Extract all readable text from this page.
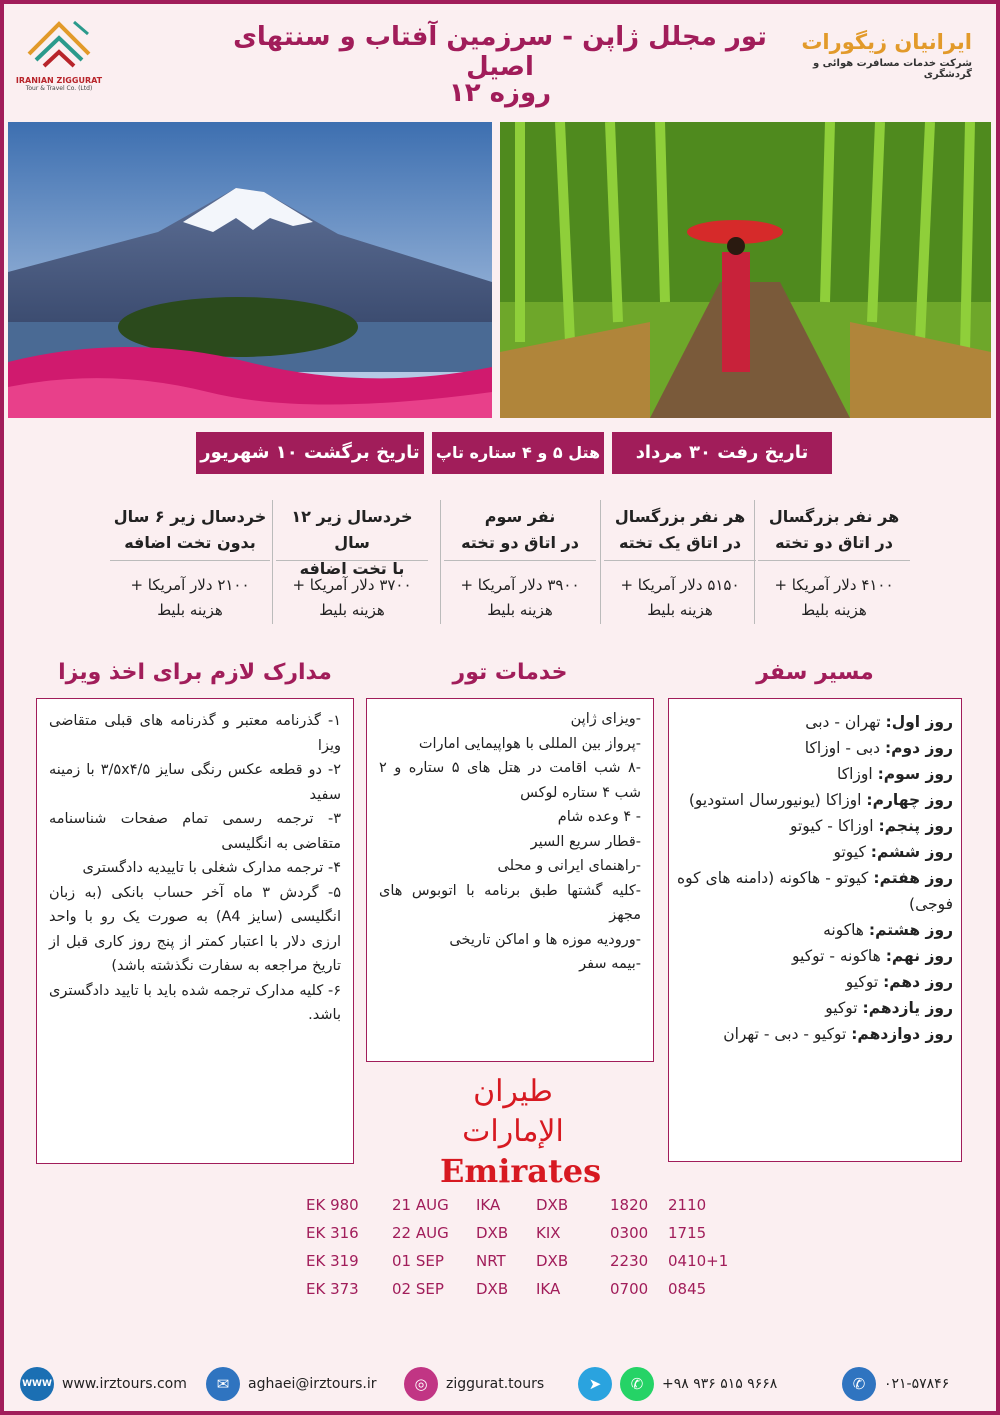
IRANIAN ZIGGURAT
Tour & Travel Co. (Ltd)
تور مجلل ژاپن - سرزمین آفتاب و سنتهای اصیل
روزه ۱۲
ایرانیان زیگورات
شرکت خدمات مسافرت هوائی و گردشگری
تاریخ رفت ۳۰ مرداد
هتل ۵ و ۴ ستاره تاپ
تاریخ برگشت ۱۰ شهریور
هر نفر بزرگسال
در اتاق دو تخته
۴۱۰۰ دلار آمریکا +
هزینه بلیط
هر نفر بزرگسال
در اتاق یک تخته
۵۱۵۰ دلار آمریکا +
هزینه بلیط
نفر سوم
در اتاق دو تخته
۳۹۰۰ دلار آمریکا +
هزینه بلیط
خردسال زیر ۱۲ سال
با تخت اضافه
۳۷۰۰ دلار آمریکا +
هزینه بلیط
خردسال زیر ۶ سال
بدون تخت اضافه
۲۱۰۰ دلار آمریکا +
هزینه بلیط
مسیر سفر
خدمات تور
مدارک لازم برای اخذ ویزا
روز اول: تهران - دبی
روز دوم: دبی - اوزاکا
روز سوم: اوزاکا
روز چهارم: اوزاکا (یونیورسال استودیو)
روز پنجم: اوزاکا - کیوتو
روز ششم: کیوتو
روز هفتم: کیوتو - هاکونه (دامنه های کوه فوجی)
روز هشتم: هاکونه
روز نهم: هاکونه - توکیو
روز دهم: توکیو
روز یازدهم: توکیو
روز دوازدهم: توکیو - دبی - تهران
-ویزای ژاپن
-پرواز بین المللی با هواپیمایی امارات
-۸ شب اقامت در هتل های ۵ ستاره و ۲ شب ۴ ستاره لوکس
- ۴ وعده شام
-قطار سریع السیر
-راهنمای ایرانی و محلی
-کلیه گشتها طبق برنامه با اتوبوس های مجهز
-ورودیه موزه ها و اماکن تاریخی
-بیمه سفر
۱- گذرنامه معتبر و گذرنامه های قبلی متقاضی ویزا
۲- دو قطعه عکس رنگی سایز ۳/۵x۴/۵ با زمینه سفید
۳- ترجمه رسمی تمام صفحات شناسنامه متقاضی به انگلیسی
۴- ترجمه مدارک شغلی با تاییدیه دادگستری
۵- گردش ۳ ماه آخر حساب بانکی (به زبان انگلیسی (سایز A4) به صورت یک رو با واحد ارزی دلار با اعتبار کمتر از پنج روز کاری قبل از تاریخ مراجعه به سفارت نگذشته باشد)
۶- کلیه مدارک ترجمه شده باید با تایید دادگستری باشد.
طيران الإمارات
Emirates
EK 980	21 AUG	IKA	DXB	1820	2110
EK 316	22 AUG	DXB	KIX	0300	1715
EK 319	01 SEP	NRT	DXB	2230	0410+1
EK 373	02 SEP	DXB	IKA	0700	0845
WWW www.irztours.com	✉	aghaei@irztours.ir	◎	ziggurat.tours	➤	✆	+۹۸ ۹۳۶ ۵۱۵ ۹۶۶۸	✆	۰۲۱-۵۷۸۴۶
